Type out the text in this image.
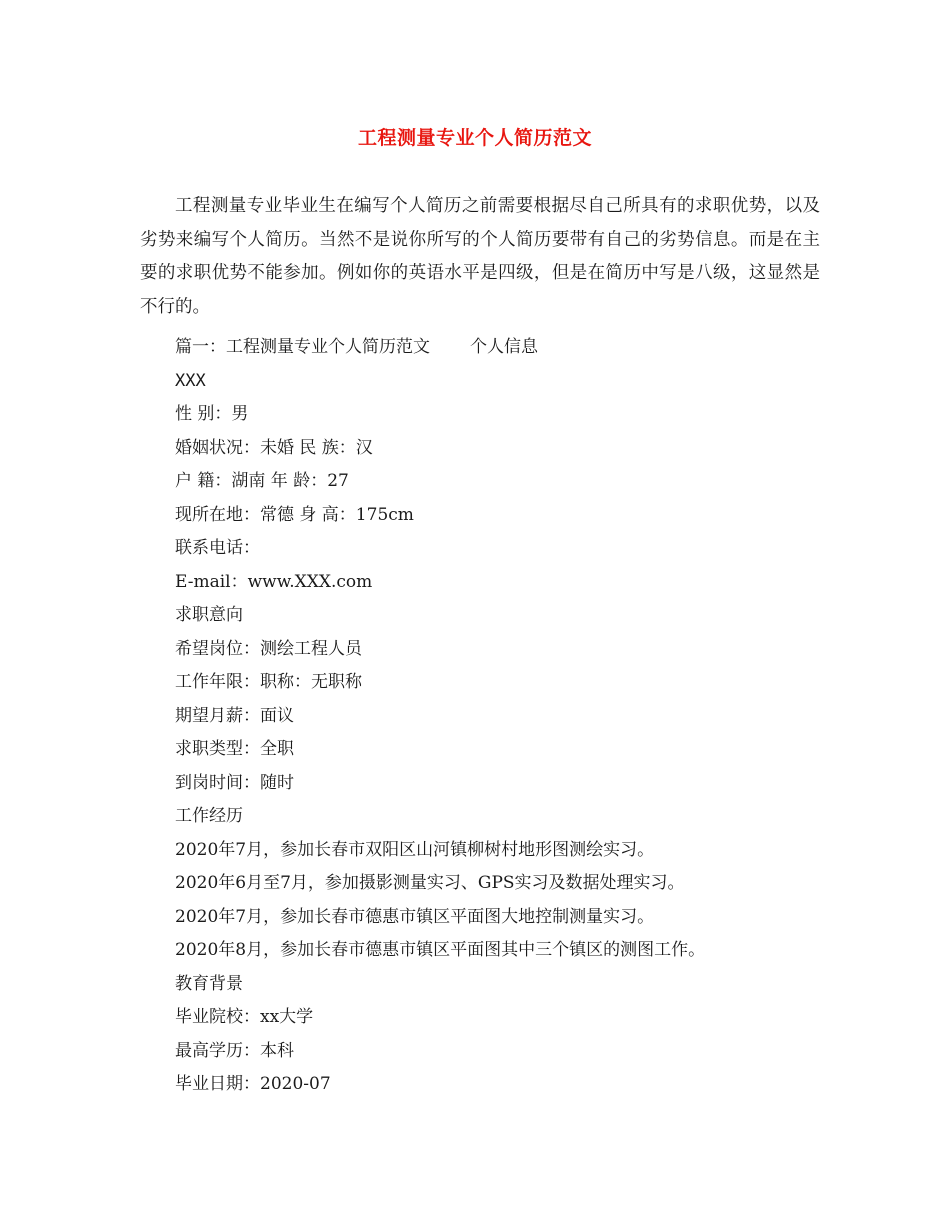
工程测量专业个人简历范文

工程测量专业毕业生在编写个人简历之前需要根据尽自己所具有的求职优势，以及劣势来编写个人简历。当然不是说你所写的个人简历要带有自己的劣势信息。而是在主要的求职优势不能参加。例如你的英语水平是四级，但是在简历中写是八级，这显然是不行的。

篇一：工程测量专业个人简历范文 个人信息
XXX
性 别：男
婚姻状况：未婚 民 族：汉
户 籍：湖南 年 龄：27
现所在地：常德 身 高：175cm
联系电话：
E-mail：www.XXX.com
求职意向
希望岗位：测绘工程人员
工作年限：职称：无职称
期望月薪：面议
求职类型：全职
到岗时间：随时
工作经历
2020年7月，参加长春市双阳区山河镇柳树村地形图测绘实习。
2020年6月至7月，参加摄影测量实习、GPS实习及数据处理实习。
2020年7月，参加长春市德惠市镇区平面图大地控制测量实习。
2020年8月，参加长春市德惠市镇区平面图其中三个镇区的测图工作。
教育背景
毕业院校：xx大学
最高学历：本科
毕业日期：2020-07
